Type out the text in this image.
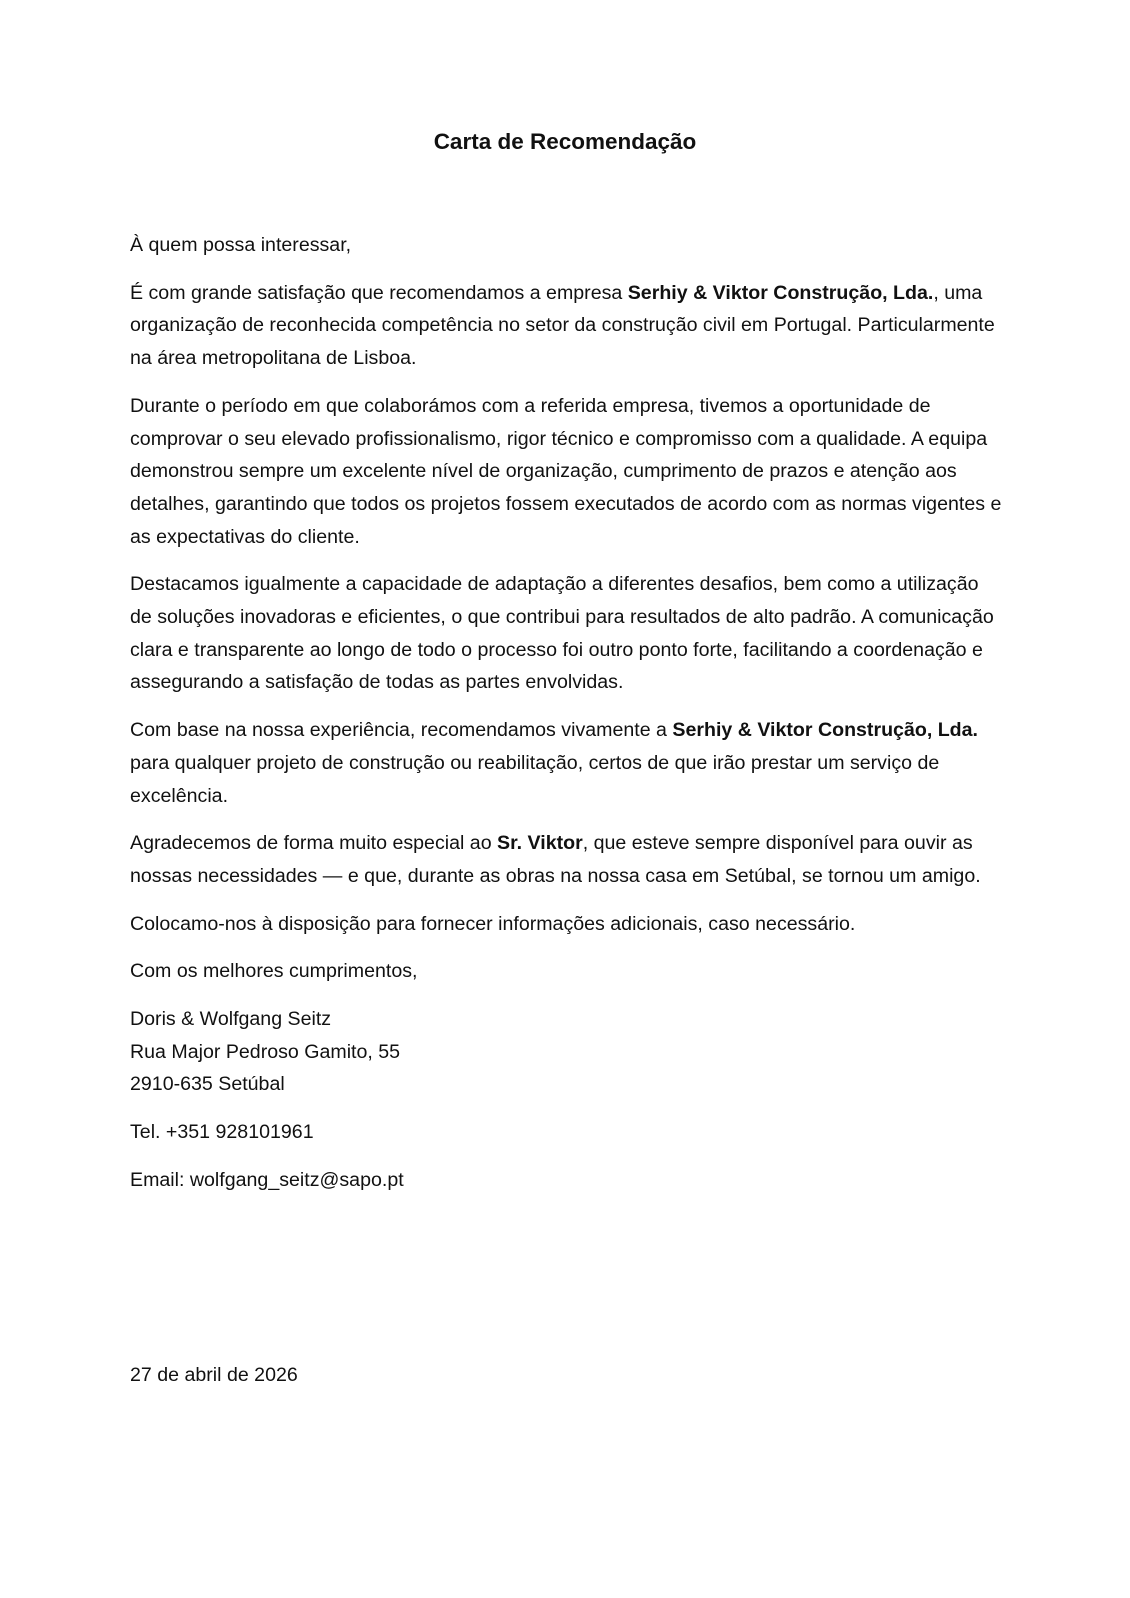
Carta de Recomendação

À quem possa interessar,

É com grande satisfação que recomendamos a empresa Serhiy & Viktor Construção, Lda., uma organização de reconhecida competência no setor da construção civil em Portugal. Particularmente na área metropolitana de Lisboa.

Durante o período em que colaborámos com a referida empresa, tivemos a oportunidade de comprovar o seu elevado profissionalismo, rigor técnico e compromisso com a qualidade. A equipa demonstrou sempre um excelente nível de organização, cumprimento de prazos e atenção aos detalhes, garantindo que todos os projetos fossem executados de acordo com as normas vigentes e as expectativas do cliente.

Destacamos igualmente a capacidade de adaptação a diferentes desafios, bem como a utilização de soluções inovadoras e eficientes, o que contribui para resultados de alto padrão. A comunicação clara e transparente ao longo de todo o processo foi outro ponto forte, facilitando a coordenação e assegurando a satisfação de todas as partes envolvidas.

Com base na nossa experiência, recomendamos vivamente a Serhiy & Viktor Construção, Lda. para qualquer projeto de construção ou reabilitação, certos de que irão prestar um serviço de excelência.

Agradecemos de forma muito especial ao Sr. Viktor, que esteve sempre disponível para ouvir as nossas necessidades — e que, durante as obras na nossa casa em Setúbal, se tornou um amigo.

Colocamo-nos à disposição para fornecer informações adicionais, caso necessário.

Com os melhores cumprimentos,

Doris & Wolfgang Seitz
Rua Major Pedroso Gamito, 55
2910-635 Setúbal

Tel. +351 928101961

Email: wolfgang_seitz@sapo.pt

27 de abril de 2026
